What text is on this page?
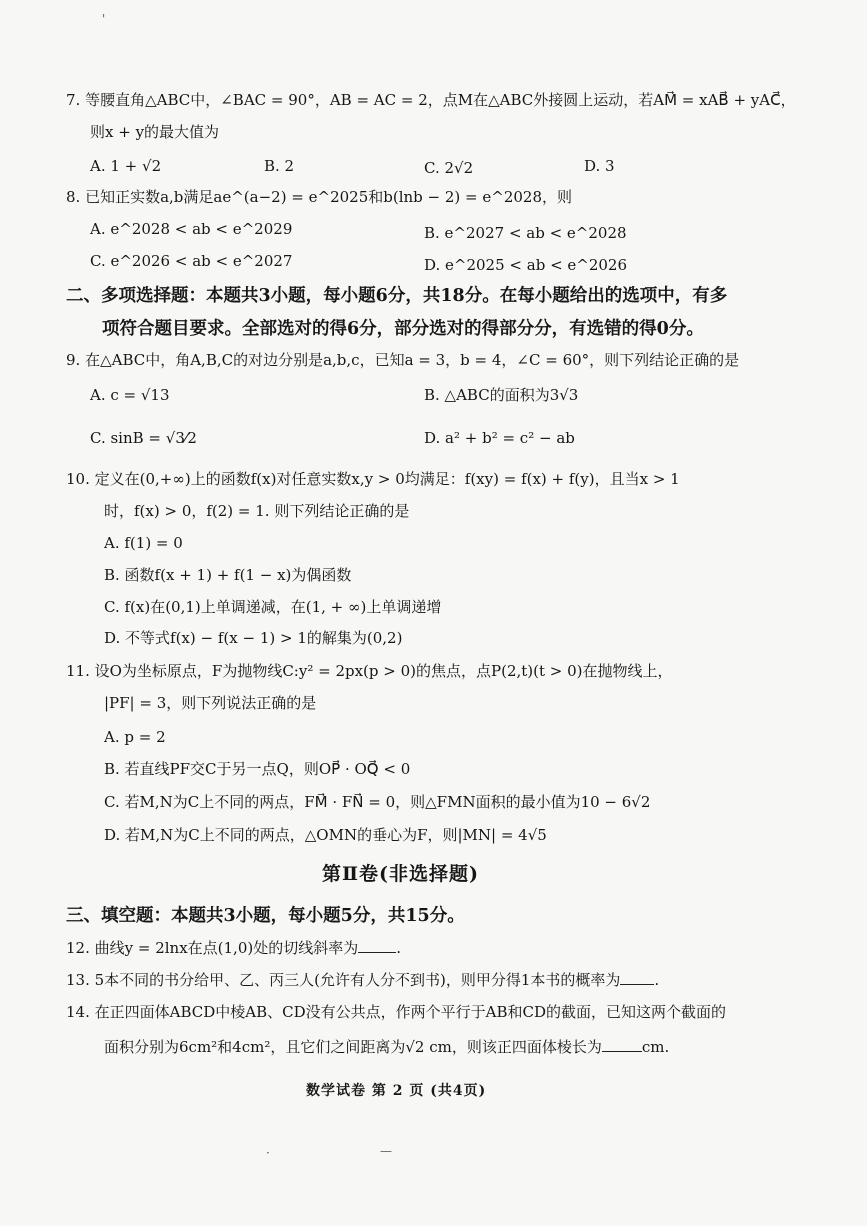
'
7. 等腰直角△ABC中，∠BAC = 90°，AB = AC = 2，点M在△ABC外接圆上运动，若AM⃗ = xAB⃗ + yAC⃗，
则x + y的最大值为
A. 1 + √2	B. 2	C. 2√2	D. 3
8. 已知正实数a,b满足ae^(a−2) = e^2025和b(lnb − 2) = e^2028，则
A. e^2028 < ab < e^2029	B. e^2027 < ab < e^2028
C. e^2026 < ab < e^2027	D. e^2025 < ab < e^2026
二、多项选择题：本题共3小题，每小题6分，共18分。在每小题给出的选项中，有多
项符合题目要求。全部选对的得6分，部分选对的得部分分，有选错的得0分。
9. 在△ABC中，角A,B,C的对边分别是a,b,c，已知a = 3，b = 4，∠C = 60°，则下列结论正确的是
A. c = √13	B. △ABC的面积为3√3
C. sinB = √3⁄2	D. a² + b² = c² − ab
10. 定义在(0,+∞)上的函数f(x)对任意实数x,y > 0均满足：f(xy) = f(x) + f(y)，且当x > 1
时，f(x) > 0，f(2) = 1. 则下列结论正确的是
A. f(1) = 0
B. 函数f(x + 1) + f(1 − x)为偶函数
C. f(x)在(0,1)上单调递减，在(1, + ∞)上单调递增
D. 不等式f(x) − f(x − 1) > 1的解集为(0,2)
11. 设O为坐标原点，F为抛物线C:y² = 2px(p > 0)的焦点，点P(2,t)(t > 0)在抛物线上，
|PF| = 3，则下列说法正确的是
A. p = 2
B. 若直线PF交C于另一点Q，则OP⃗ · OQ⃗ < 0
C. 若M,N为C上不同的两点，FM⃗ · FN⃗ = 0，则△FMN面积的最小值为10 − 6√2
D. 若M,N为C上不同的两点，△OMN的垂心为F，则|MN| = 4√5
第Ⅱ卷(非选择题)
三、填空题：本题共3小题，每小题5分，共15分。
12. 曲线y = 2lnx在点(1,0)处的切线斜率为	.
13. 5本不同的书分给甲、乙、丙三人(允许有人分不到书)，则甲分得1本书的概率为 .
14. 在正四面体ABCD中棱AB、CD没有公共点，作两个平行于AB和CD的截面，已知这两个截面的
面积分别为6cm²和4cm²，且它们之间距离为√2 cm，则该正四面体棱长为	cm.
数学试卷 第 2 页 (共4页)
·	—
